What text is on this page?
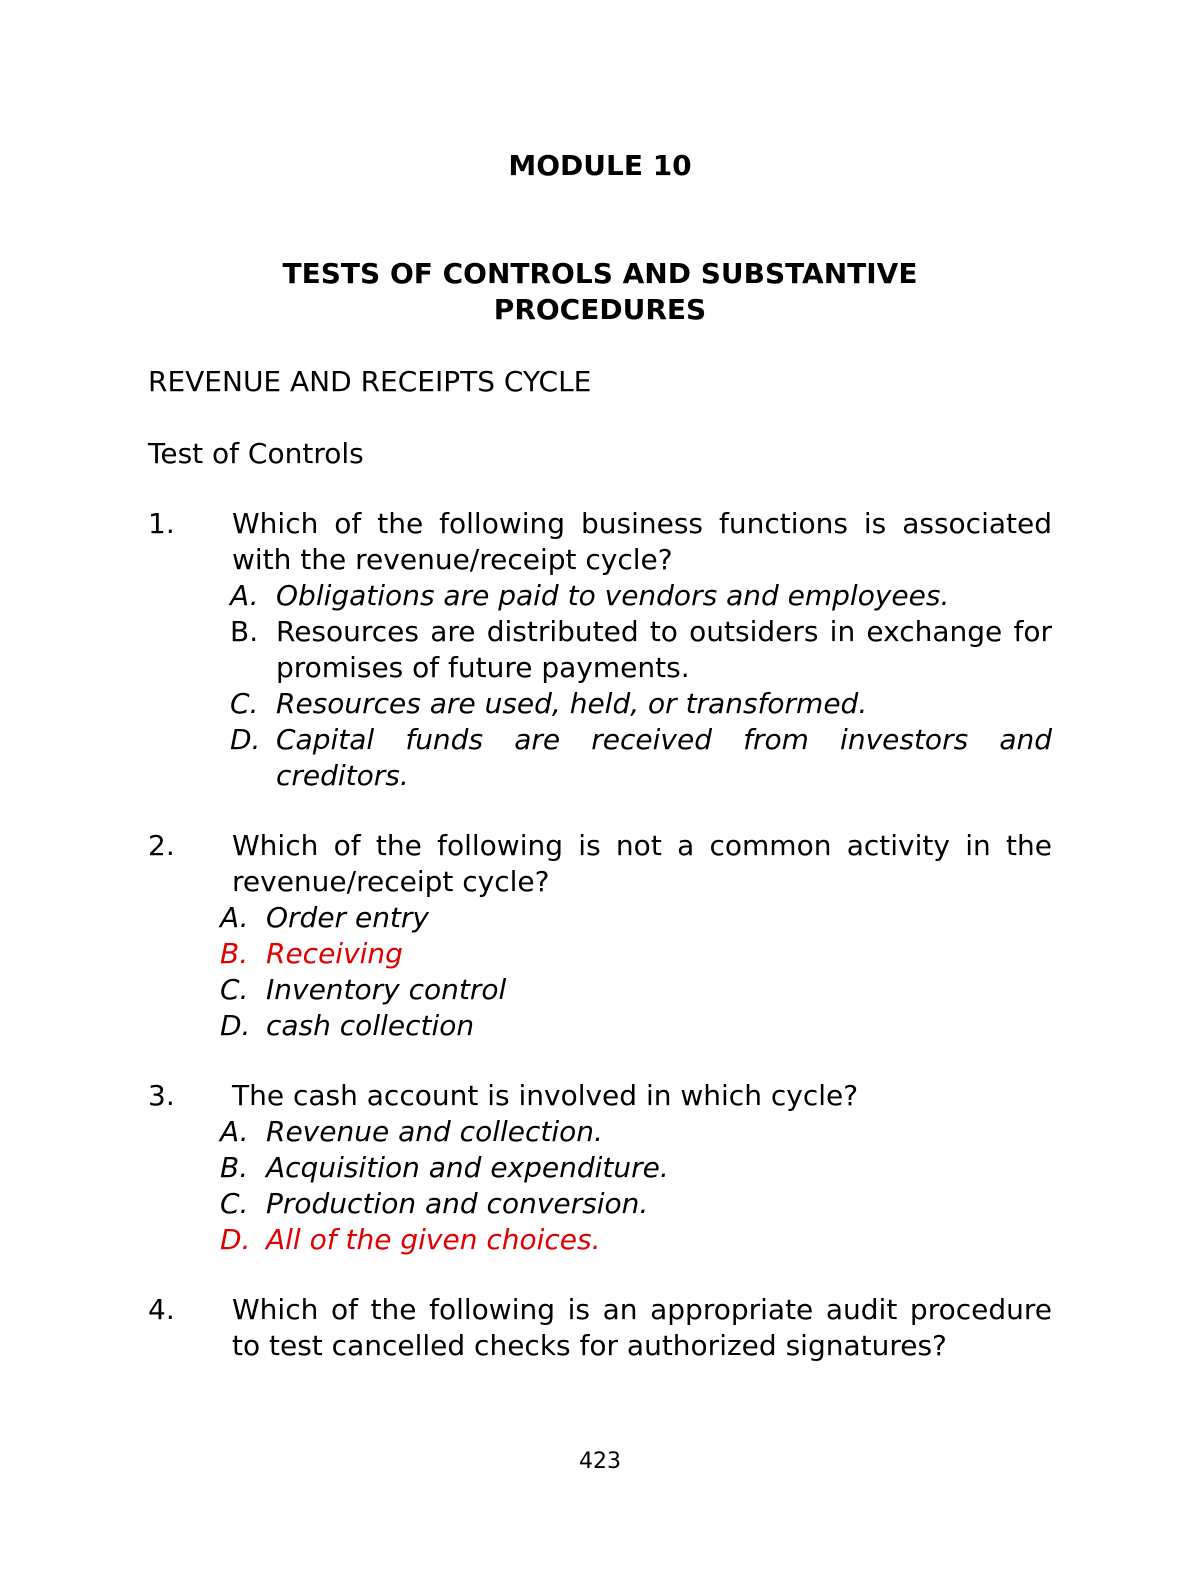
MODULE 10
TESTS OF CONTROLS AND SUBSTANTIVE
PROCEDURES
REVENUE AND RECEIPTS CYCLE
Test of Controls
1.	Which of the following business functions is associated with the revenue/receipt cycle?
A. Obligations are paid to vendors and employees.
B. Resources are distributed to outsiders in exchange for promises of future payments.
C. Resources are used, held, or transformed.
D. Capital funds are received from investors and creditors.
2.	Which of the following is not a common activity in the revenue/receipt cycle?
A. Order entry
B. Receiving
C. Inventory control
D. cash collection
3.	The cash account is involved in which cycle?
A. Revenue and collection.
B. Acquisition and expenditure.
C. Production and conversion.
D. All of the given choices.
4.	Which of the following is an appropriate audit procedure to test cancelled checks for authorized signatures?
423
